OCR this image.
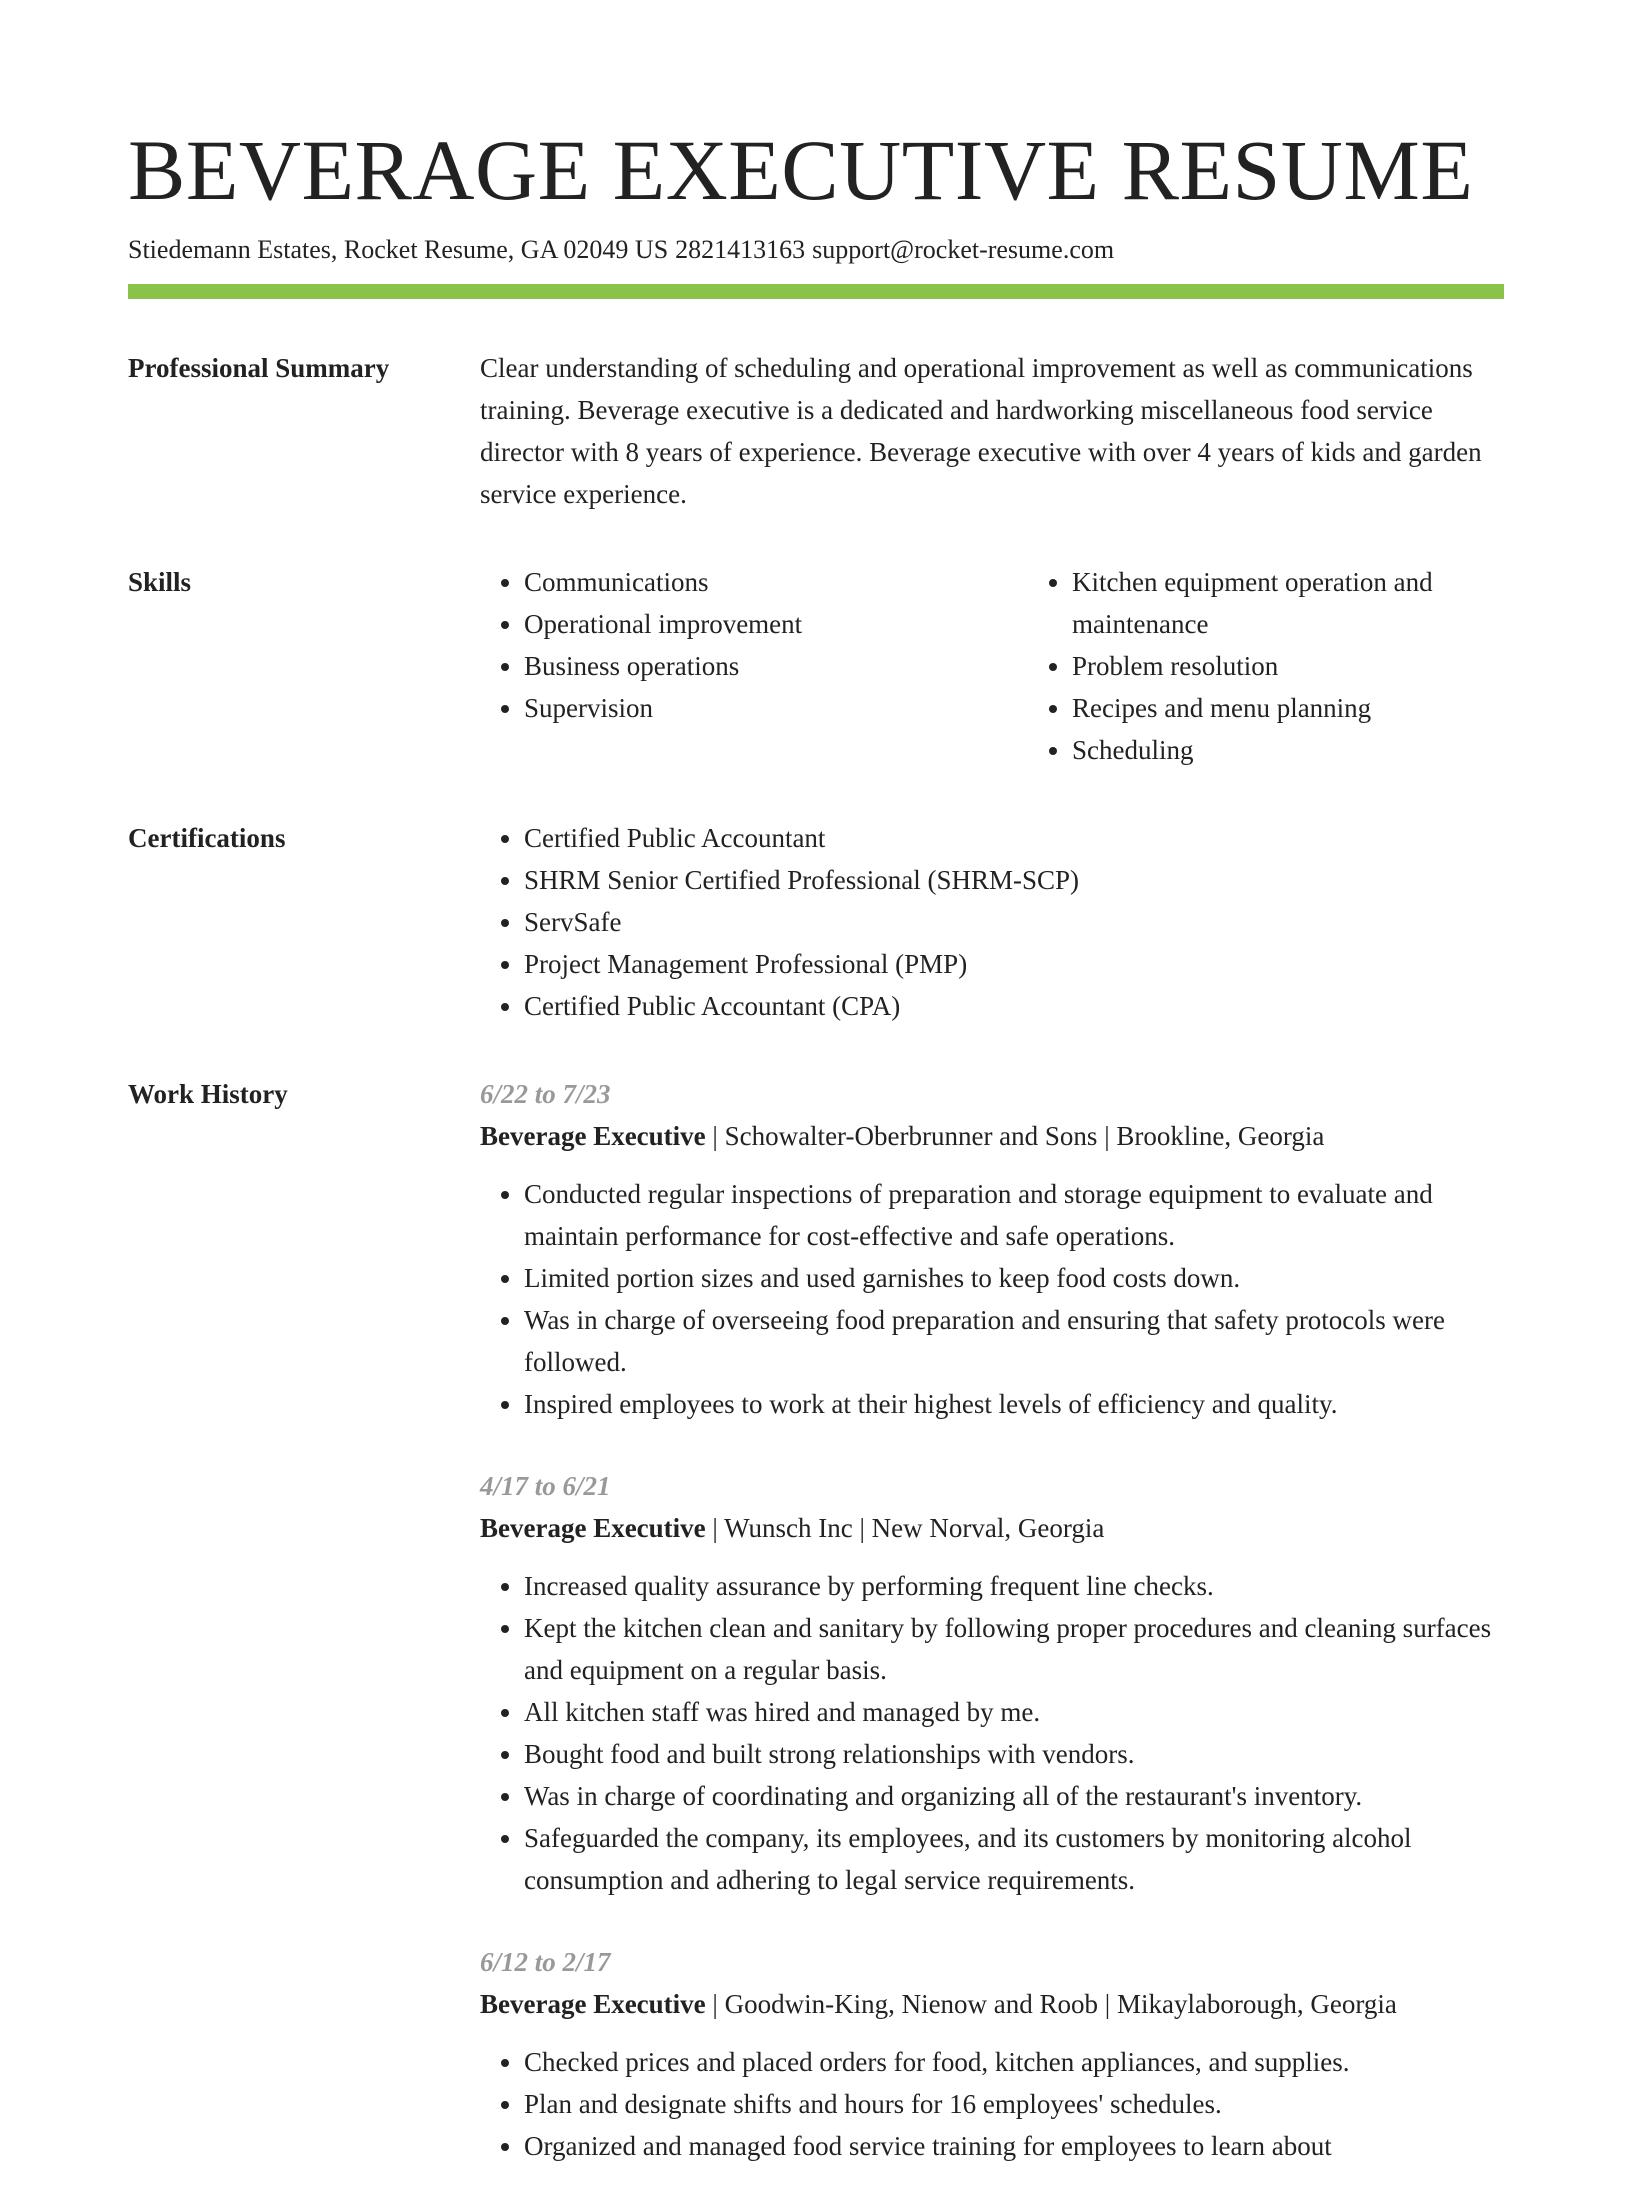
BEVERAGE EXECUTIVE RESUME
Stiedemann Estates, Rocket Resume, GA 02049 US 2821413163 support@rocket-resume.com
Professional Summary	Clear understanding of scheduling and operational improvement as well as communications training. Beverage executive is a dedicated and hardworking miscellaneous food service director with 8 years of experience. Beverage executive with over 4 years of kids and garden service experience.

Skills	• Communications
• Operational improvement
• Business operations
• Supervision
• Kitchen equipment operation and maintenance
• Problem resolution
• Recipes and menu planning
• Scheduling
Certifications	• Certified Public Accountant
• SHRM Senior Certified Professional (SHRM-SCP)
• ServSafe
• Project Management Professional (PMP)
• Certified Public Accountant (CPA)
Work History	6/22 to 7/23
Beverage Executive | Schowalter-Oberbrunner and Sons | Brookline, Georgia
• Conducted regular inspections of preparation and storage equipment to evaluate and maintain performance for cost-effective and safe operations.
• Limited portion sizes and used garnishes to keep food costs down.
• Was in charge of overseeing food preparation and ensuring that safety protocols were followed.
• Inspired employees to work at their highest levels of efficiency and quality.
4/17 to 6/21
Beverage Executive | Wunsch Inc | New Norval, Georgia
• Increased quality assurance by performing frequent line checks.
• Kept the kitchen clean and sanitary by following proper procedures and cleaning surfaces and equipment on a regular basis.
• All kitchen staff was hired and managed by me.
• Bought food and built strong relationships with vendors.
• Was in charge of coordinating and organizing all of the restaurant's inventory.
• Safeguarded the company, its employees, and its customers by monitoring alcohol consumption and adhering to legal service requirements.
6/12 to 2/17
Beverage Executive | Goodwin-King, Nienow and Roob | Mikaylaborough, Georgia
• Checked prices and placed orders for food, kitchen appliances, and supplies.
• Plan and designate shifts and hours for 16 employees' schedules.
• Organized and managed food service training for employees to learn about
